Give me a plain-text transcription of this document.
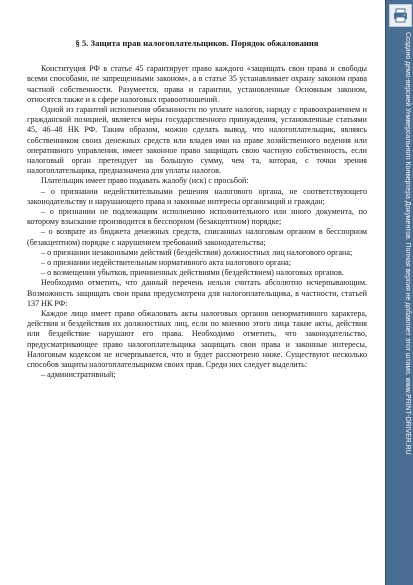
§ 5. Защита прав налогоплательщиков. Порядок обжалования

Конституция РФ в статье 45 гарантирует право каждого «защищать свои права и свободы всеми способами, не запрещенными законом», а в статье 35 устанавливает охрану законом права частной собственности. Разумеется, права и гарантии, установленные Основным законом, относятся также и к сфере налоговых правоотношений.

Одной из гарантий исполнения обязанности по уплате налогов, наряду с правоохранением и гражданской позицией, является меры государственного принуждения, установленные статьями 45, 46–48 НК РФ. Таким образом, можно сделать вывод, что налогоплательщик, являясь собственником своих денежных средств или владея ими на праве хозяйственного ведения или оперативного управления, имеет законное право защищать свою частную собственность, если налоговый орган претендует на большую сумму, чем та, которая, с точки зрения налогоплательщика, предназначена для уплаты налогов.

Плательщик имеет право подавать жалобу (иск) с просьбой:

– о признании недействительными решения налогового органа, не соответствующего законодательству и нарушающего права и законные интересы организаций и граждан;

– о признании не подлежащим исполнению исполнительного или иного документа, по которому взыскание производится в бесспорном (безакцептном) порядке;

– о возврате из бюджета денежных средств, списанных налоговым органом в бесспорном (безакцептном) порядке с нарушением требований законодательства;

– о признании незаконными действий (бездействия) должностных лиц налогового органа;

– о признании недействительным нормативного акта налогового органа;

– о возмещении убытков, причиненных действиями (бездействием) налоговых органов.

Необходимо отметить, что данный перечень нельзя считать абсолютно исчерпывающим. Возможность защищать свои права предусмотрена для налогоплательщика, в частности, статьей 137 НК РФ:

Каждое лицо имеет право обжаловать акты налоговых органов ненормативного характера, действия и бездействия их должностных лиц, если по мнению этого лица такие акты, действия или бездействие нарушают его права. Необходимо отметить, что законодательство, предусматривающее право налогоплательщика защищать свои права и законные интересы, Налоговым кодексом не исчерпывается, что и будет рассмотрено ниже. Существуют несколько способов защиты налогоплательщиком своих прав. Среди них следует выделить:

– административный;	Создано демо-версией Универсального Конвертера Документов. Полная версия не добавляет этот штамп. www.PRINT-DRIVER.RU
